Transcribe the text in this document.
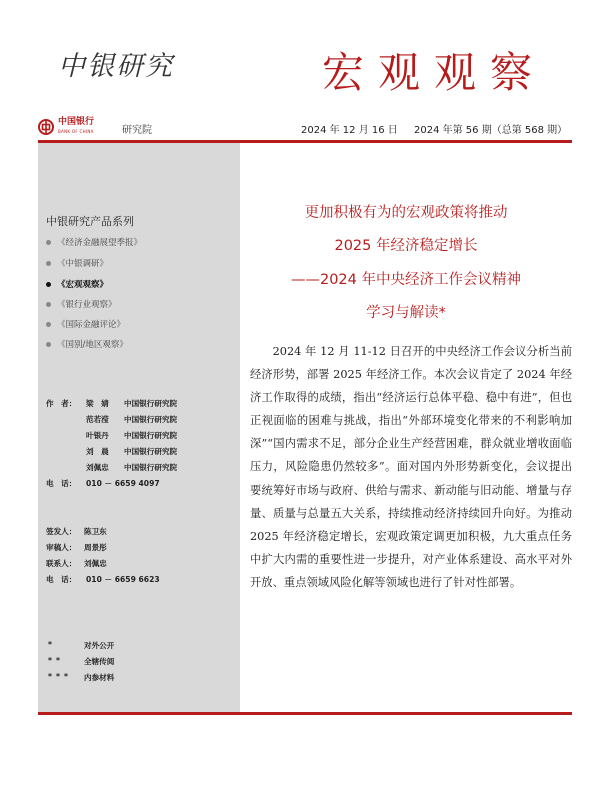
中银研究	宏观观察
中国银行
BANK OF CHINA	研究院	2024 年 12 月 16 日 2024 年第 56 期（总第 568 期）
中银研究产品系列
《经济金融展望季报》
《中银调研》
《宏观观察》
《银行业观察》
《国际金融评论》
《国别/地区观察》
作　者： 梁　婧 中国银行研究院
范若滢 中国银行研究院
叶银丹 中国银行研究院
刘　晨 中国银行研究院
刘佩忠 中国银行研究院
电　话： 010 － 6659 4097
签发人： 陈卫东
审稿人： 周景彤
联系人： 刘佩忠
电　话： 010 － 6659 6623
*	对外公开
**	全辖传阅
*** 内参材料
更加积极有为的宏观政策将推动
2025 年经济稳定增长
——2024 年中央经济工作会议精神
学习与解读*

2024 年 12 月 11-12 日召开的中央经济工作会议分析当前经济形势，部署 2025 年经济工作。本次会议肯定了 2024 年经济工作取得的成绩，指出“经济运行总体平稳、稳中有进”，但也正视面临的困难与挑战，指出“外部环境变化带来的不利影响加深”“国内需求不足，部分企业生产经营困难，群众就业增收面临压力，风险隐患仍然较多”。面对国内外形势新变化，会议提出要统筹好市场与政府、供给与需求、新动能与旧动能、增量与存量、质量与总量五大关系，持续推动经济持续回升向好。为推动 2025 年经济稳定增长，宏观政策定调更加积极，九大重点任务中扩大内需的重要性进一步提升，对产业体系建设、高水平对外开放、重点领域风险化解等领域也进行了针对性部署。
